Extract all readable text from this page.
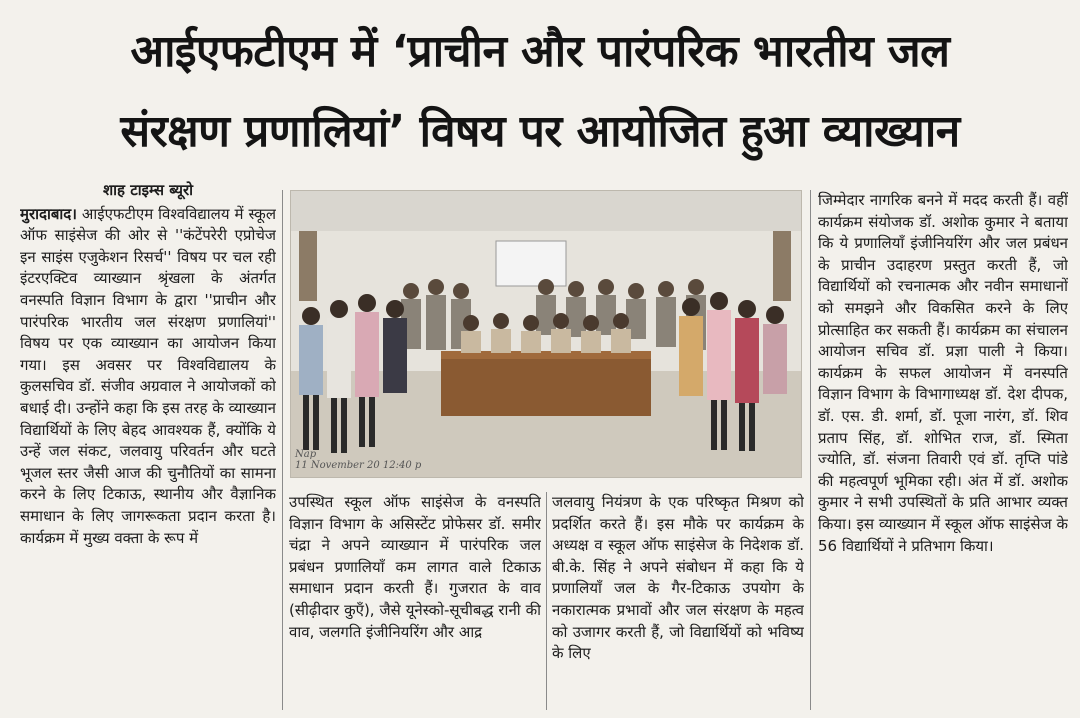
आईएफटीएम में ‘प्राचीन और पारंपरिक भारतीय जल
संरक्षण प्रणालियां’ विषय पर आयोजित हुआ व्याख्यान
शाह टाइम्स ब्यूरो

मुरादाबाद। आईएफटीएम विश्वविद्यालय में स्कूल ऑफ साइंसेज की ओर से ''कंटेंपरेरी एप्रोचेज इन साइंस एजुकेशन रिसर्च'' विषय पर चल रही इंटरएक्टिव व्याख्यान श्रृंखला के अंतर्गत वनस्पति विज्ञान विभाग के द्वारा ''प्राचीन और पारंपरिक भारतीय जल संरक्षण प्रणालियां'' विषय पर एक व्याख्यान का आयोजन किया गया। इस अवसर पर विश्वविद्यालय के कुलसचिव डॉ. संजीव अग्रवाल ने आयोजकों को बधाई दी। उन्होंने कहा कि इस तरह के व्याख्यान विद्यार्थियों के लिए बेहद आवश्यक हैं, क्योंकि ये उन्हें जल संकट, जलवायु परिवर्तन और घटते भूजल स्तर जैसी आज की चुनौतियों का सामना करने के लिए टिकाऊ, स्थानीय और वैज्ञानिक समाधान के लिए जागरूकता प्रदान करता है। कार्यक्रम में मुख्य वक्ता के रूप में

Nap
11 November 20 12:40 p

उपस्थित स्कूल ऑफ साइंसेज के वनस्पति विज्ञान विभाग के असिस्टेंट प्रोफेसर डॉ. समीर चंद्रा ने अपने व्याख्यान में पारंपरिक जल प्रबंधन प्रणालियाँ कम लागत वाले टिकाऊ समाधान प्रदान करती हैं। गुजरात के वाव (सीढ़ीदार कुएँ), जैसे यूनेस्को-सूचीबद्ध रानी की वाव, जलगति इंजीनियरिंग और आद्र

जलवायु नियंत्रण के एक परिष्कृत मिश्रण को प्रदर्शित करते हैं। इस मौके पर कार्यक्रम के अध्यक्ष व स्कूल ऑफ साइंसेज के निदेशक डॉ. बी.के. सिंह ने अपने संबोधन में कहा कि ये प्रणालियाँ जल के गैर-टिकाऊ उपयोग के नकारात्मक प्रभावों और जल संरक्षण के महत्व को उजागर करती हैं, जो विद्यार्थियों को भविष्य के लिए

जिम्मेदार नागरिक बनने में मदद करती हैं। वहीं कार्यक्रम संयोजक डॉ. अशोक कुमार ने बताया कि ये प्रणालियाँ इंजीनियरिंग और जल प्रबंधन के प्राचीन उदाहरण प्रस्तुत करती हैं, जो विद्यार्थियों को रचनात्मक और नवीन समाधानों को समझने और विकसित करने के लिए प्रोत्साहित कर सकती हैं। कार्यक्रम का संचालन आयोजन सचिव डॉ. प्रज्ञा पाली ने किया। कार्यक्रम के सफल आयोजन में वनस्पति विज्ञान विभाग के विभागाध्यक्ष डॉ. देश दीपक, डॉ. एस. डी. शर्मा, डॉ. पूजा नारंग, डॉ. शिव प्रताप सिंह, डॉ. शोभित राज, डॉ. स्मिता ज्योति, डॉ. संजना तिवारी एवं डॉ. तृप्ति पांडे की महत्वपूर्ण भूमिका रही। अंत में डॉ. अशोक कुमार ने सभी उपस्थितों के प्रति आभार व्यक्त किया। इस व्याख्यान में स्कूल ऑफ साइंसेज के 56 विद्यार्थियों ने प्रतिभाग किया।
